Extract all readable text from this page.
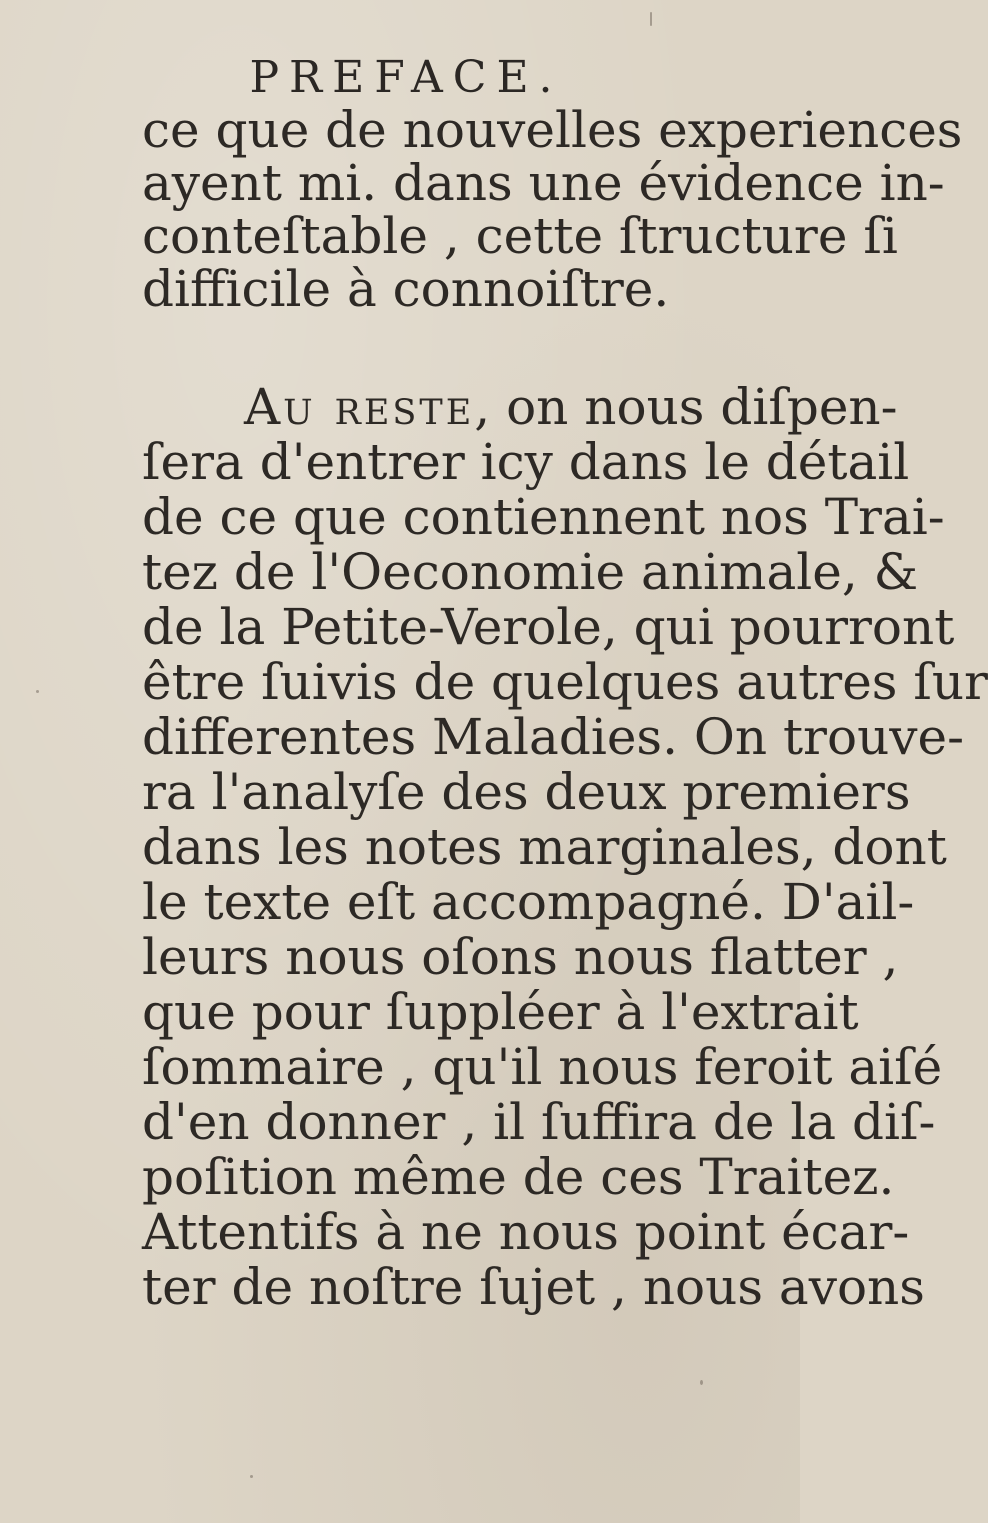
PREFACE.
ce que de nouvelles experiences
ayent mi. dans une évidence in-
conteſtable , cette ſtructure ſi
difficile à connoiſtre.
Au reste, on nous diſpen-
ſera d'entrer icy dans le détail
de ce que contiennent nos Trai-
tez de l'Oeconomie animale, &
de la Petite-Verole, qui pourront
être ſuivis de quelques autres ſur
differentes Maladies. On trouve-
ra l'analyſe des deux premiers
dans les notes marginales, dont
le texte eſt accompagné. D'ail-
leurs nous oſons nous flatter ,
que pour ſuppléer à l'extrait
ſommaire , qu'il nous feroit aiſé
d'en donner , il ſuffira de la diſ-
poſition même de ces Traitez.
Attentifs à ne nous point écar-
ter de noſtre ſujet , nous avons
